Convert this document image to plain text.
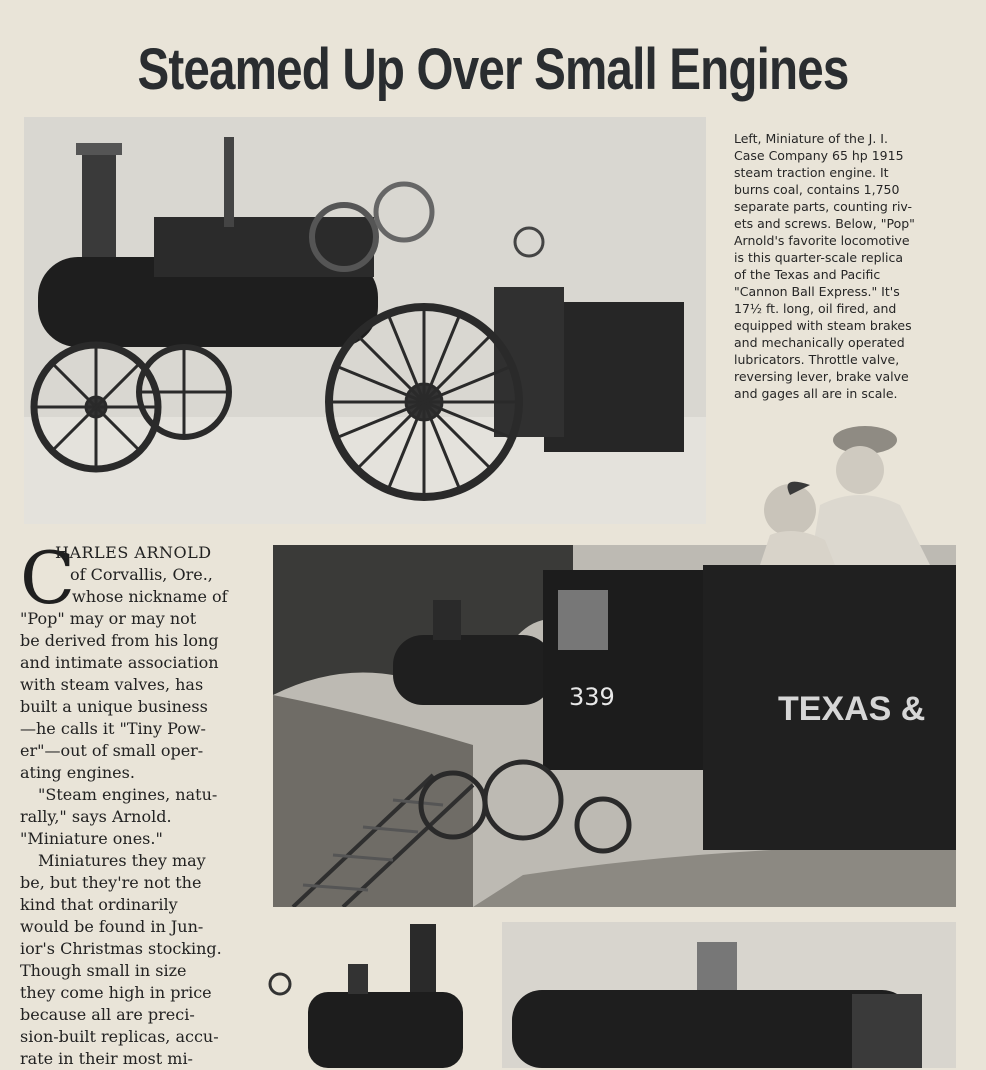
Steamed Up Over Small Engines
Left, Miniature of the J. I.
Case Company 65 hp 1915
steam traction engine. It
burns coal, contains 1,750
separate parts, counting riv-
ets and screws. Below, "Pop"
Arnold's favorite locomotive
is this quarter-scale replica
of the Texas and Pacific
"Cannon Ball Express." It's
17½ ft. long, oil fired, and
equipped with steam brakes
and mechanically operated
lubricators. Throttle valve,
reversing lever, brake valve
and gages all are in scale.
339	TEXAS &
C
HARLES ARNOLD
of Corvallis, Ore.,
whose nickname of
"Pop" may or may not
be derived from his long
and intimate association
with steam valves, has
built a unique business
—he calls it "Tiny Pow-
er"—out of small oper-
ating engines.
"Steam engines, natu-
rally," says Arnold.
"Miniature ones."
Miniatures they may
be, but they're not the
kind that ordinarily
would be found in Jun-
ior's Christmas stocking.
Though small in size
they come high in price
because all are preci-
sion-built replicas, accu-
rate in their most mi-
